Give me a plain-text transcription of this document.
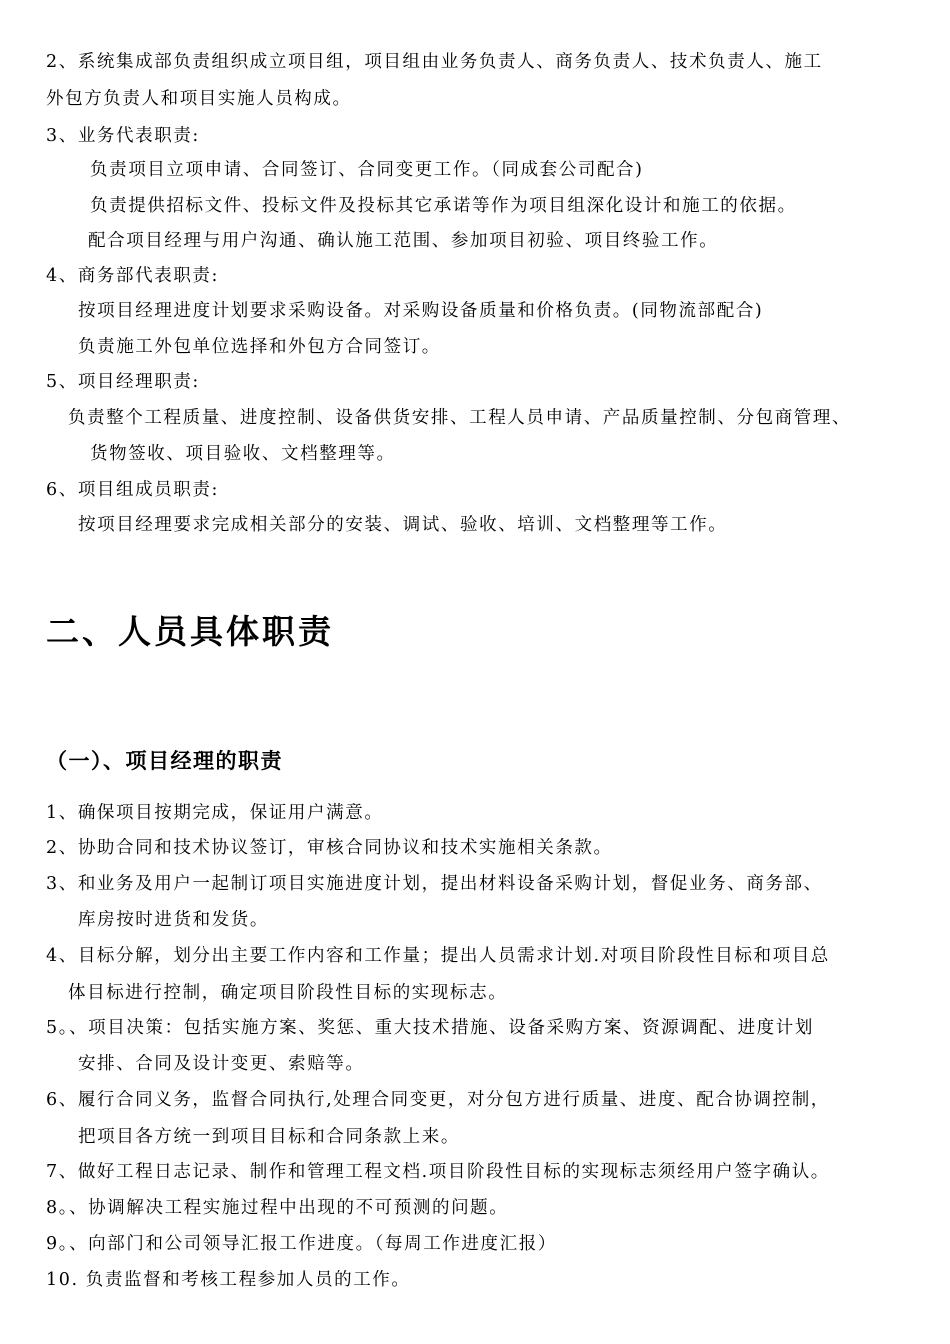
2、系统集成部负责组织成立项目组，项目组由业务负责人、商务负责人、技术负责人、施工
外包方负责人和项目实施人员构成。
3、业务代表职责:
负责项目立项申请、合同签订、合同变更工作。（同成套公司配合)
负责提供招标文件、投标文件及投标其它承诺等作为项目组深化设计和施工的依据。
配合项目经理与用户沟通、确认施工范围、参加项目初验、项目终验工作。
4、商务部代表职责:
按项目经理进度计划要求采购设备。对采购设备质量和价格负责。(同物流部配合)
负责施工外包单位选择和外包方合同签订。
5、项目经理职责:
负责整个工程质量、进度控制、设备供货安排、工程人员申请、产品质量控制、分包商管理、
货物签收、项目验收、文档整理等。
6、项目组成员职责:
按项目经理要求完成相关部分的安装、调试、验收、培训、文档整理等工作。
二、人员具体职责
（一）、项目经理的职责
1、确保项目按期完成，保证用户满意。
2、协助合同和技术协议签订，审核合同协议和技术实施相关条款。
3、和业务及用户一起制订项目实施进度计划，提出材料设备采购计划，督促业务、商务部、
库房按时进货和发货。
4、目标分解，划分出主要工作内容和工作量；提出人员需求计划.对项目阶段性目标和项目总
体目标进行控制，确定项目阶段性目标的实现标志。
5。、项目决策：包括实施方案、奖惩、重大技术措施、设备采购方案、资源调配、进度计划
安排、合同及设计变更、索赔等。
6、履行合同义务，监督合同执行,处理合同变更，对分包方进行质量、进度、配合协调控制，
把项目各方统一到项目目标和合同条款上来。
7、做好工程日志记录、制作和管理工程文档.项目阶段性目标的实现标志须经用户签字确认。
8。、协调解决工程实施过程中出现的不可预测的问题。
9。、向部门和公司领导汇报工作进度。（每周工作进度汇报）
10. 负责监督和考核工程参加人员的工作。
